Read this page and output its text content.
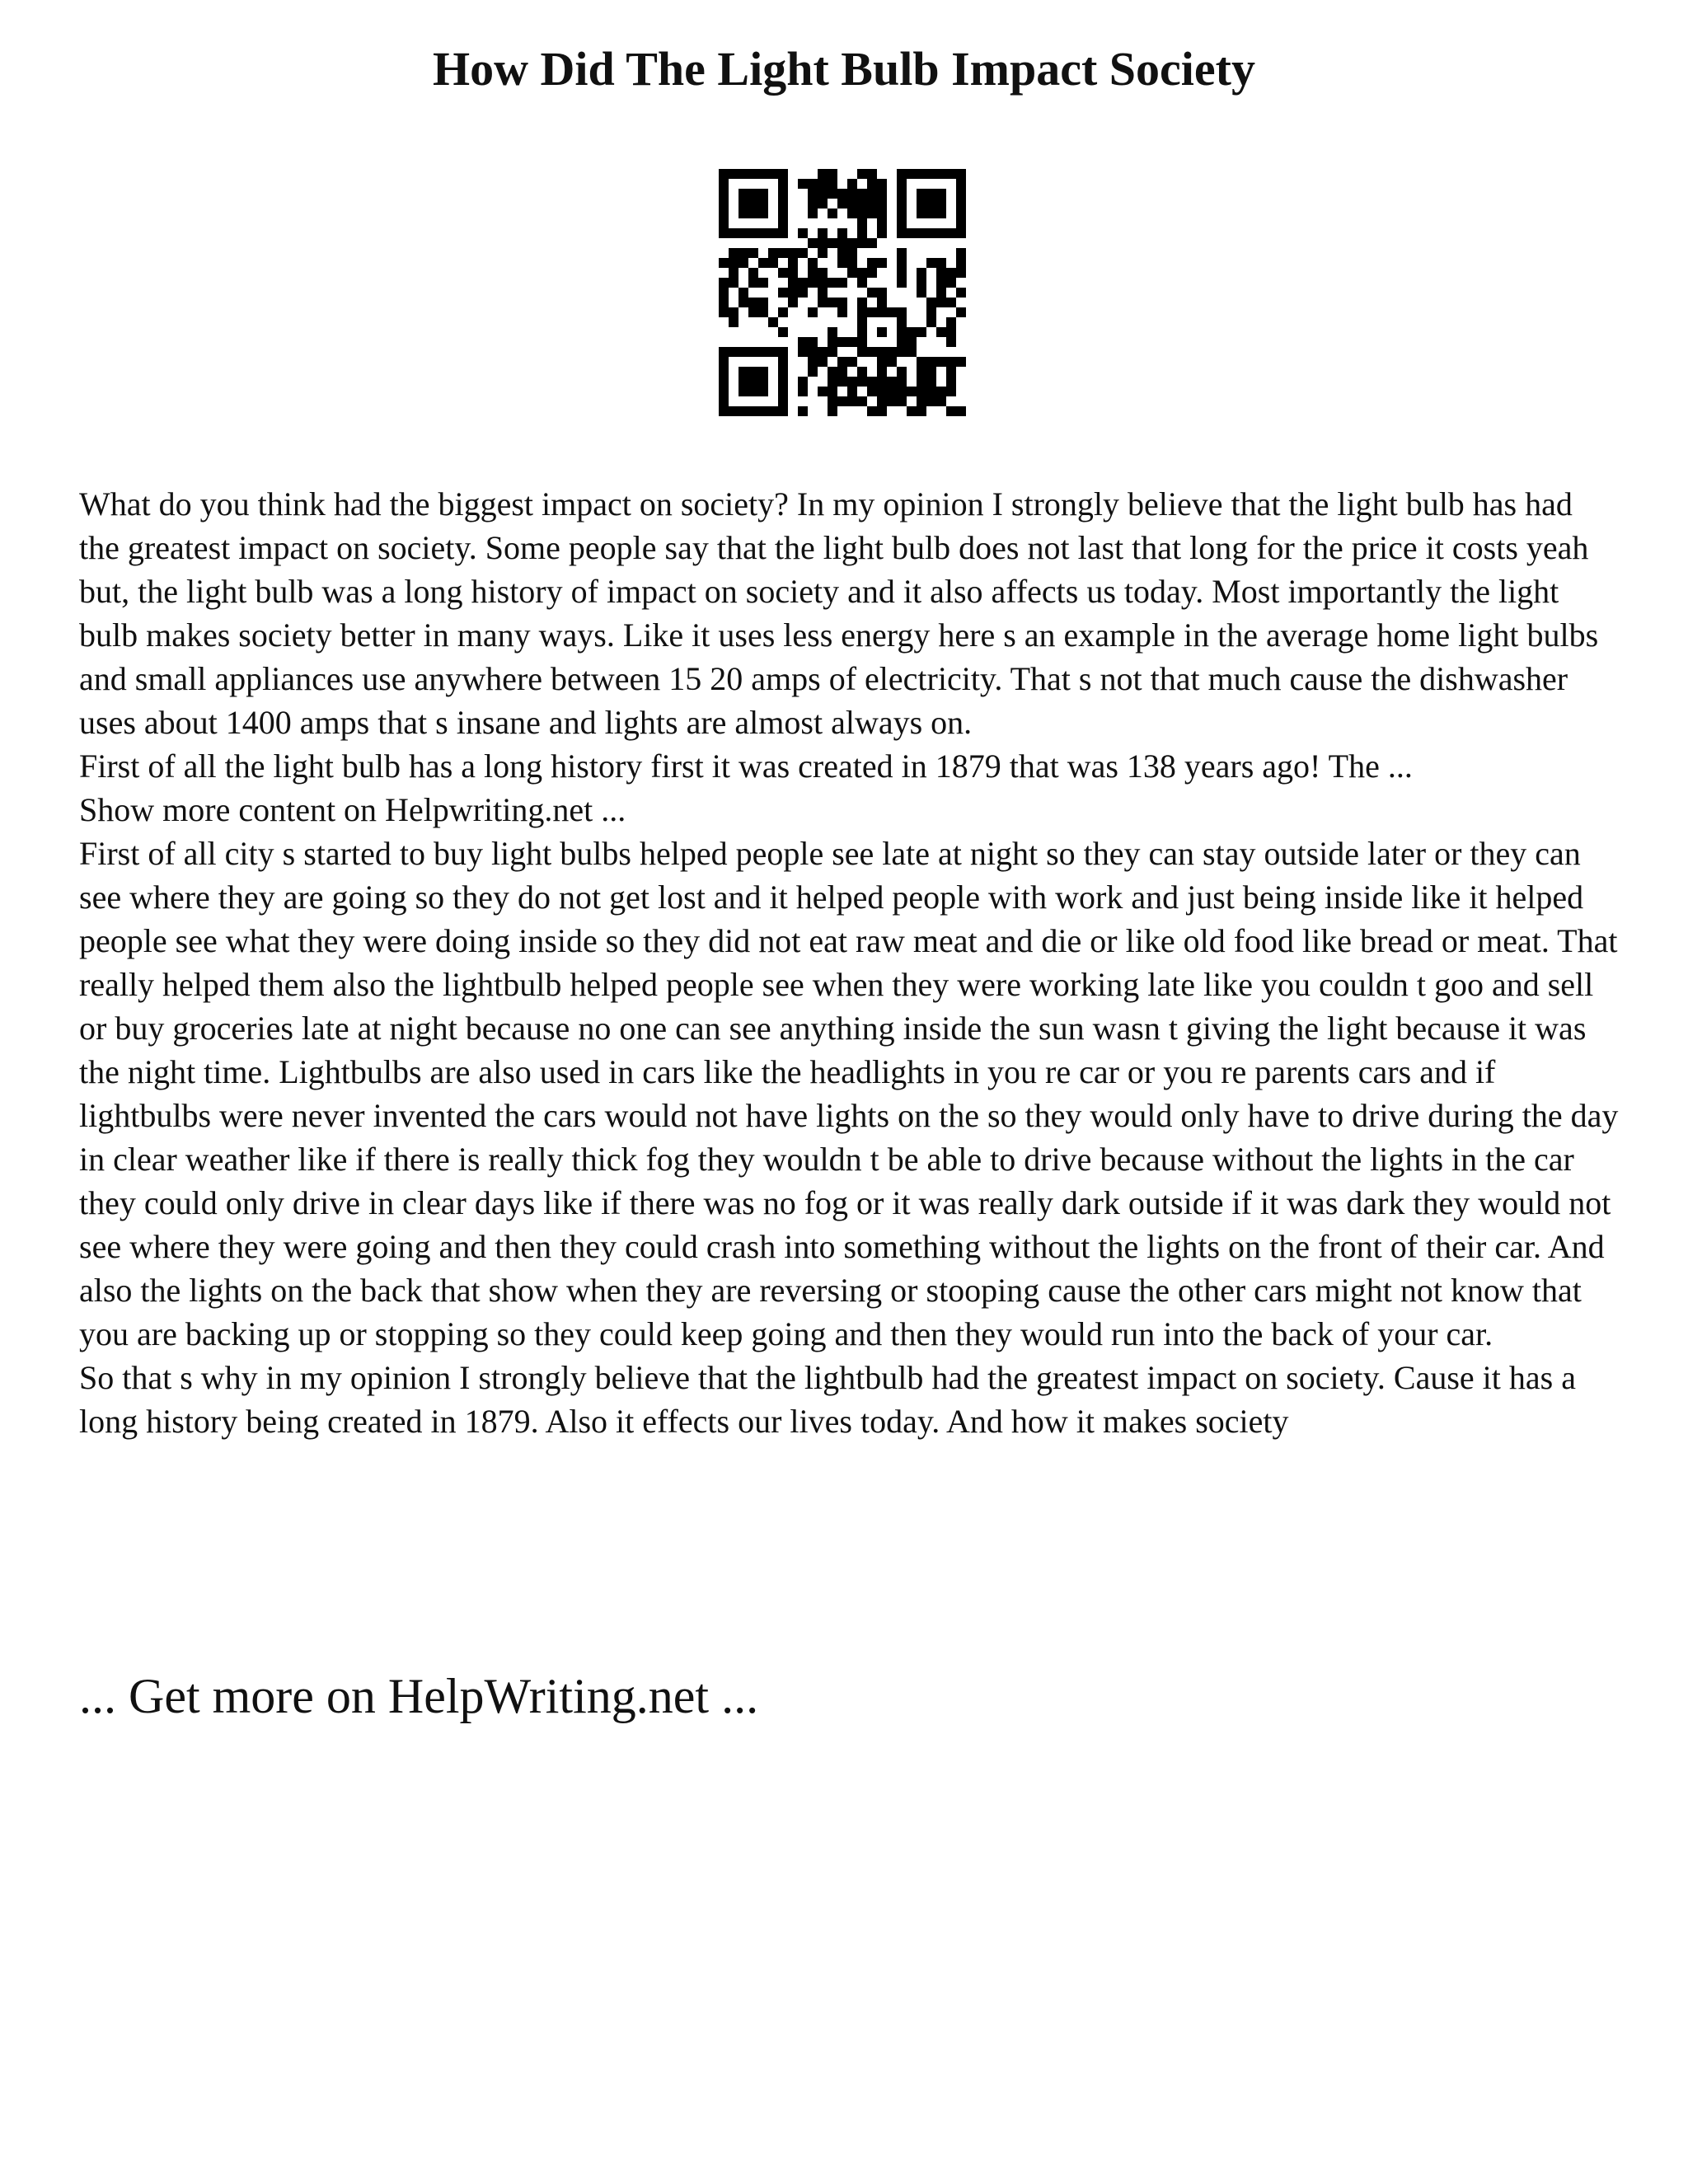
How Did The Light Bulb Impact Society

What do you think had the biggest impact on society? In my opinion I strongly believe that the light bulb has had the greatest impact on society. Some people say that the light bulb does not last that long for the price it costs yeah but, the light bulb was a long history of impact on society and it also affects us today. Most importantly the light bulb makes society better in many ways. Like it uses less energy here s an example in the average home light bulbs and small appliances use anywhere between 15 20 amps of electricity. That s not that much cause the dishwasher uses about 1400 amps that s insane and lights are almost always on.

First of all the light bulb has a long history first it was created in 1879 that was 138 years ago! The ...

Show more content on Helpwriting.net ...

First of all city s started to buy light bulbs helped people see late at night so they can stay outside later or they can see where they are going so they do not get lost and it helped people with work and just being inside like it helped people see what they were doing inside so they did not eat raw meat and die or like old food like bread or meat. That really helped them also the lightbulb helped people see when they were working late like you couldn t goo and sell or buy groceries late at night because no one can see anything inside the sun wasn t giving the light because it was the night time. Lightbulbs are also used in cars like the headlights in you re car or you re parents cars and if lightbulbs were never invented the cars would not have lights on the so they would only have to drive during the day in clear weather like if there is really thick fog they wouldn t be able to drive because without the lights in the car they could only drive in clear days like if there was no fog or it was really dark outside if it was dark they would not see where they were going and then they could crash into something without the lights on the front of their car. And also the lights on the back that show when they are reversing or stooping cause the other cars might not know that you are backing up or stopping so they could keep going and then they would run into the back of your car.

So that s why in my opinion I strongly believe that the lightbulb had the greatest impact on society. Cause it has a long history being created in 1879. Also it effects our lives today. And how it makes society

... Get more on HelpWriting.net ...
